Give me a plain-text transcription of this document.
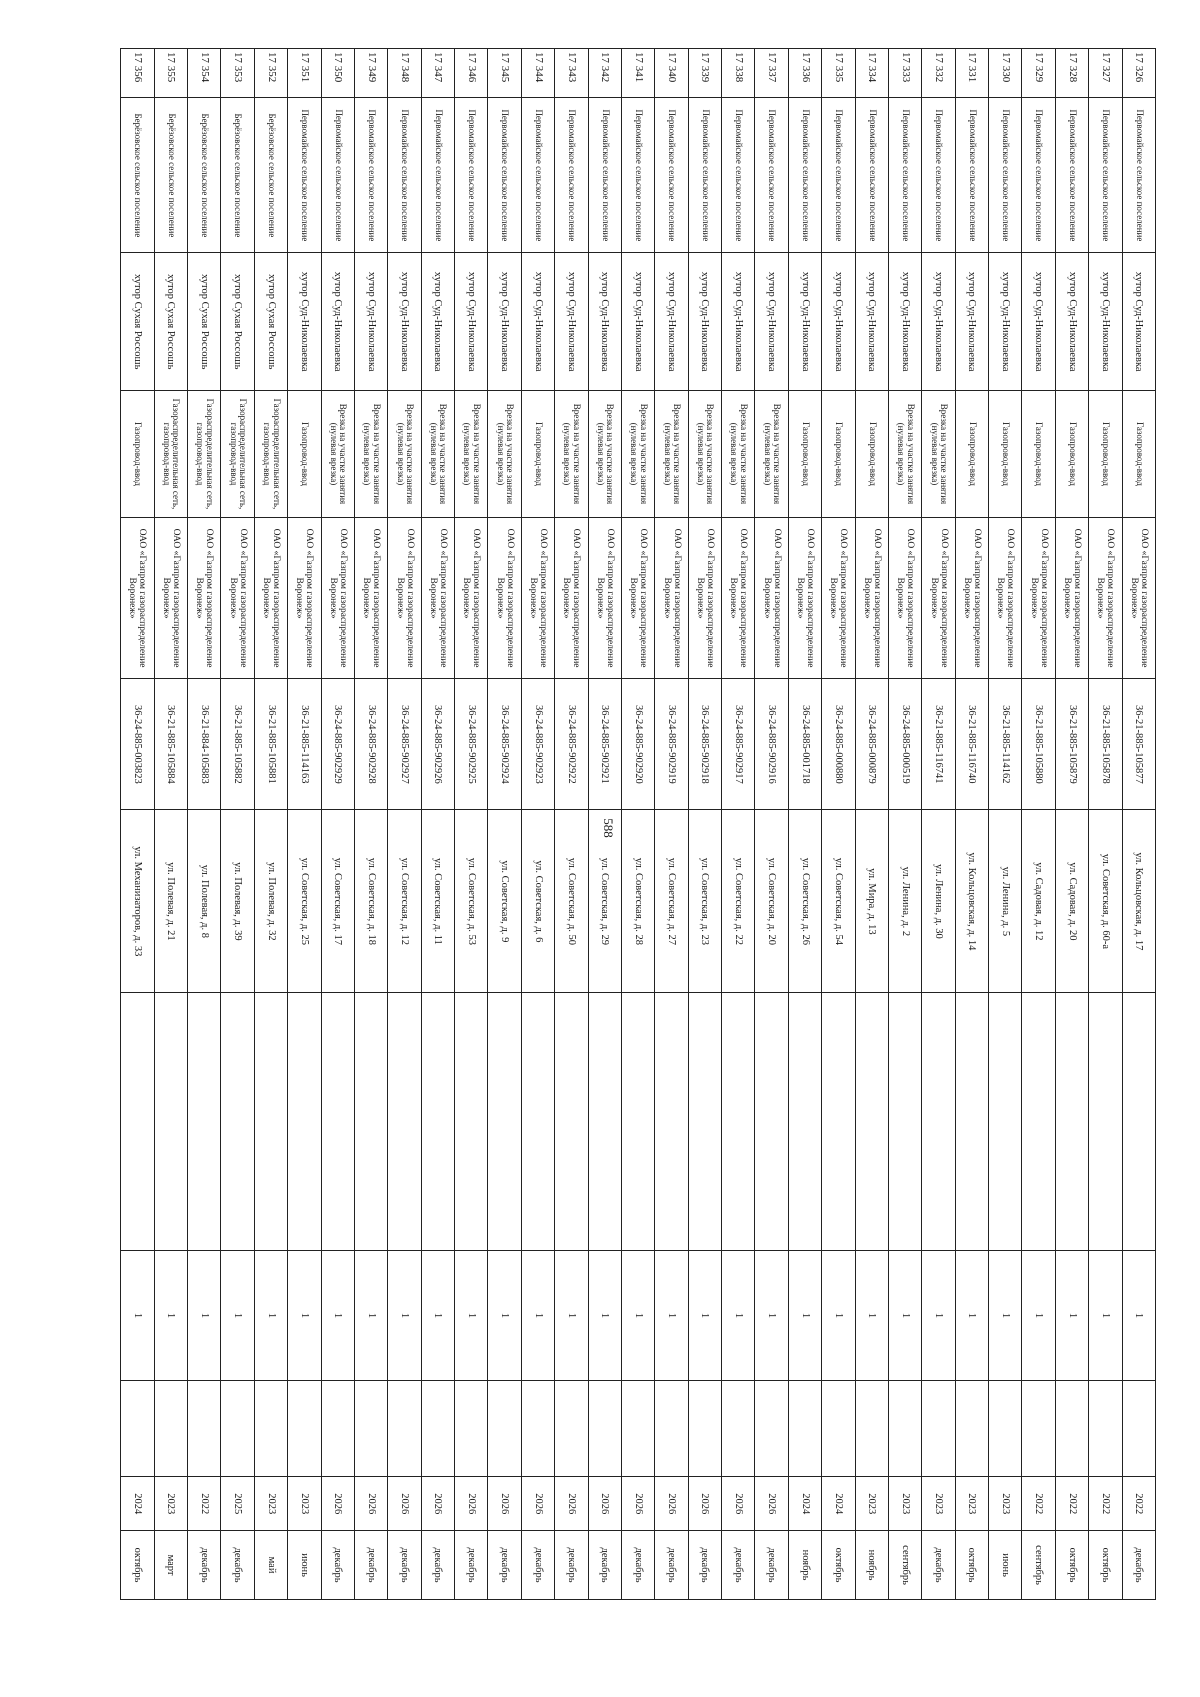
588
17 326	Первомайское сельское поселение	хутор Суд-Николаевка	Газопровод-ввод	ОАО «Газпром газораспределение Воронеж»	36-21-885-105877	ул. Кольцовская, д. 17		1		2022	декабрь
17 327	Первомайское сельское поселение	хутор Суд-Николаевка	Газопровод-ввод	ОАО «Газпром газораспределение Воронеж»	36-21-885-105878	ул. Советская, д. 60-а		1		2022	октябрь
17 328	Первомайское сельское поселение	хутор Суд-Николаевка	Газопровод-ввод	ОАО «Газпром газораспределение Воронеж»	36-21-885-105879	ул. Садовая, д. 20		1		2022	октябрь
17 329	Первомайское сельское поселение	хутор Суд-Николаевка	Газопровод-ввод	ОАО «Газпром газораспределение Воронеж»	36-21-885-105880	ул. Садовая, д. 12		1		2022	сентябрь
17 330	Первомайское сельское поселение	хутор Суд-Николаевка	Газопровод-ввод	ОАО «Газпром газораспределение Воронеж»	36-21-885-114162	ул. Ленина, д. 5		1		2023	июнь
17 331	Первомайское сельское поселение	хутор Суд-Николаевка	Газопровод-ввод	ОАО «Газпром газораспределение Воронеж»	36-21-885-116740	ул. Кольцовская, д. 14		1		2023	октябрь
17 332	Первомайское сельское поселение	хутор Суд-Николаевка	Врезка на участке занятия (нулевая врезка)	ОАО «Газпром газораспределение Воронеж»	36-21-885-116741	ул. Ленина, д. 30		1		2023	декабрь
17 333	Первомайское сельское поселение	хутор Суд-Николаевка	Врезка на участке занятия (нулевая врезка)	ОАО «Газпром газораспределение Воронеж»	36-24-885-000519	ул. Ленина, д. 2		1		2023	сентябрь
17 334	Первомайское сельское поселение	хутор Суд-Николаевка	Газопровод-ввод	ОАО «Газпром газораспределение Воронеж»	36-24-885-000879	ул. Мира, д. 13		1		2023	ноябрь
17 335	Первомайское сельское поселение	хутор Суд-Николаевка	Газопровод-ввод	ОАО «Газпром газораспределение Воронеж»	36-24-885-000880	ул. Советская, д. 54		1		2024	октябрь
17 336	Первомайское сельское поселение	хутор Суд-Николаевка	Газопровод-ввод	ОАО «Газпром газораспределение Воронеж»	36-24-885-001718	ул. Советская, д. 26		1		2024	ноябрь
17 337	Первомайское сельское поселение	хутор Суд-Николаевка	Врезка на участке занятия (нулевая врезка)	ОАО «Газпром газораспределение Воронеж»	36-24-885-902916	ул. Советская, д. 20		1		2026	декабрь
17 338	Первомайское сельское поселение	хутор Суд-Николаевка	Врезка на участке занятия (нулевая врезка)	ОАО «Газпром газораспределение Воронеж»	36-24-885-902917	ул. Советская, д. 22		1		2026	декабрь
17 339	Первомайское сельское поселение	хутор Суд-Николаевка	Врезка на участке занятия (нулевая врезка)	ОАО «Газпром газораспределение Воронеж»	36-24-885-902918	ул. Советская, д. 23		1		2026	декабрь
17 340	Первомайское сельское поселение	хутор Суд-Николаевка	Врезка на участке занятия (нулевая врезка)	ОАО «Газпром газораспределение Воронеж»	36-24-885-902919	ул. Советская, д. 27		1		2026	декабрь
17 341	Первомайское сельское поселение	хутор Суд-Николаевка	Врезка на участке занятия (нулевая врезка)	ОАО «Газпром газораспределение Воронеж»	36-24-885-902920	ул. Советская, д. 28		1		2026	декабрь
17 342	Первомайское сельское поселение	хутор Суд-Николаевка	Врезка на участке занятия (нулевая врезка)	ОАО «Газпром газораспределение Воронеж»	36-24-885-902921	ул. Советская, д. 29		1		2026	декабрь
17 343	Первомайское сельское поселение	хутор Суд-Николаевка	Врезка на участке занятия (нулевая врезка)	ОАО «Газпром газораспределение Воронеж»	36-24-885-902922	ул. Советская, д. 50		1		2026	декабрь
17 344	Первомайское сельское поселение	хутор Суд-Николаевка	Газопровод-ввод	ОАО «Газпром газораспределение Воронеж»	36-24-885-902923	ул. Советская, д. 6		1		2026	декабрь
17 345	Первомайское сельское поселение	хутор Суд-Николаевка	Врезка на участке занятия (нулевая врезка)	ОАО «Газпром газораспределение Воронеж»	36-24-885-902924	ул. Советская, д. 9		1		2026	декабрь
17 346	Первомайское сельское поселение	хутор Суд-Николаевка	Врезка на участке занятия (нулевая врезка)	ОАО «Газпром газораспределение Воронеж»	36-24-885-902925	ул. Советская, д. 53		1		2026	декабрь
17 347	Первомайское сельское поселение	хутор Суд-Николаевка	Врезка на участке занятия (нулевая врезка)	ОАО «Газпром газораспределение Воронеж»	36-24-885-902926	ул. Советская, д. 11		1		2026	декабрь
17 348	Первомайское сельское поселение	хутор Суд-Николаевка	Врезка на участке занятия (нулевая врезка)	ОАО «Газпром газораспределение Воронеж»	36-24-885-902927	ул. Советская, д. 12		1		2026	декабрь
17 349	Первомайское сельское поселение	хутор Суд-Николаевка	Врезка на участке занятия (нулевая врезка)	ОАО «Газпром газораспределение Воронеж»	36-24-885-902928	ул. Советская, д. 18		1		2026	декабрь
17 350	Первомайское сельское поселение	хутор Суд-Николаевка	Врезка на участке занятия (нулевая врезка)	ОАО «Газпром газораспределение Воронеж»	36-24-885-902929	ул. Советская, д. 17		1		2026	декабрь
17 351	Первомайское сельское поселение	хутор Суд-Николаевка	Газопровод-ввод	ОАО «Газпром газораспределение Воронеж»	36-21-885-114163	ул. Советская, д. 25		1		2023	июнь
17 352	Берёзовское сельское поселение	хутор Сухая Россошь	Газораспределительная сеть, газопровод-ввод	ОАО «Газпром газораспределение Воронеж»	36-21-885-105881	ул. Полевая, д. 32		1		2023	май
17 353	Берёзовское сельское поселение	хутор Сухая Россошь	Газораспределительная сеть, газопровод-ввод	ОАО «Газпром газораспределение Воронеж»	36-21-885-105882	ул. Полевая, д. 39		1		2025	декабрь
17 354	Берёзовское сельское поселение	хутор Сухая Россошь	Газораспределительная сеть, газопровод-ввод	ОАО «Газпром газораспределение Воронеж»	36-21-884-105883	ул. Полевая, д. 8		1		2022	декабрь
17 355	Берёзовское сельское поселение	хутор Сухая Россошь	Газораспределительная сеть, газопровод-ввод	ОАО «Газпром газораспределение Воронеж»	36-21-885-105884	ул. Полевая, д. 21		1		2023	март
17 356	Берёзовское сельское поселение	хутор Сухая Россошь	Газопровод-ввод	ОАО «Газпром газораспределение Воронеж»	36-24-885-003823	ул. Механизаторов, д. 33		1		2024	октябрь
